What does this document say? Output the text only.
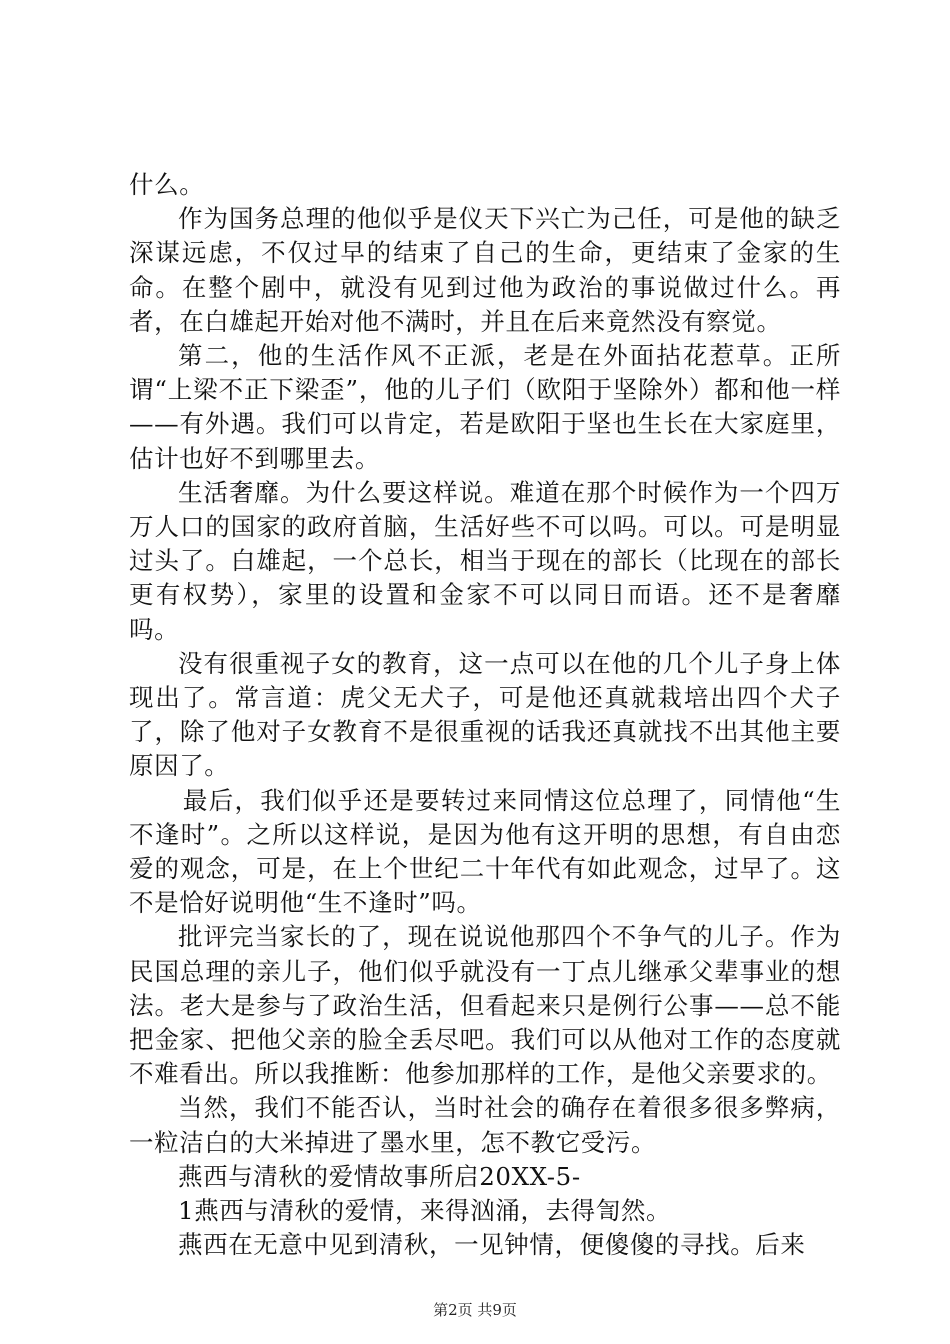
什么。

作为国务总理的他似乎是仪天下兴亡为己任，可是他的缺乏深谋远虑，不仅过早的结束了自己的生命，更结束了金家的生命。在整个剧中，就没有见到过他为政治的事说做过什么。再者，在白雄起开始对他不满时，并且在后来竟然没有察觉。

第二，他的生活作风不正派，老是在外面拈花惹草。正所谓“上梁不正下梁歪”，他的儿子们（欧阳于坚除外）都和他一样——有外遇。我们可以肯定，若是欧阳于坚也生长在大家庭里，估计也好不到哪里去。

生活奢靡。为什么要这样说。难道在那个时候作为一个四万万人口的国家的政府首脑，生活好些不可以吗。可以。可是明显过头了。白雄起，一个总长，相当于现在的部长（比现在的部长更有权势），家里的设置和金家不可以同日而语。还不是奢靡吗。

没有很重视子女的教育，这一点可以在他的几个儿子身上体现出了。常言道：虎父无犬子，可是他还真就栽培出四个犬子了，除了他对子女教育不是很重视的话我还真就找不出其他主要原因了。

最后，我们似乎还是要转过来同情这位总理了，同情他“生不逢时”。之所以这样说，是因为他有这开明的思想，有自由恋爱的观念，可是，在上个世纪二十年代有如此观念，过早了。这不是恰好说明他“生不逢时”吗。

批评完当家长的了，现在说说他那四个不争气的儿子。作为民国总理的亲儿子，他们似乎就没有一丁点儿继承父辈事业的想法。老大是参与了政治生活，但看起来只是例行公事——总不能把金家、把他父亲的脸全丢尽吧。我们可以从他对工作的态度就不难看出。所以我推断：他参加那样的工作，是他父亲要求的。

当然，我们不能否认，当时社会的确存在着很多很多弊病，一粒洁白的大米掉进了墨水里，怎不教它受污。

燕西与清秋的爱情故事所启20XX-5-

1燕西与清秋的爱情，来得汹涌，去得訇然。

燕西在无意中见到清秋，一见钟情，便傻傻的寻找。后来

第2页 共9页
